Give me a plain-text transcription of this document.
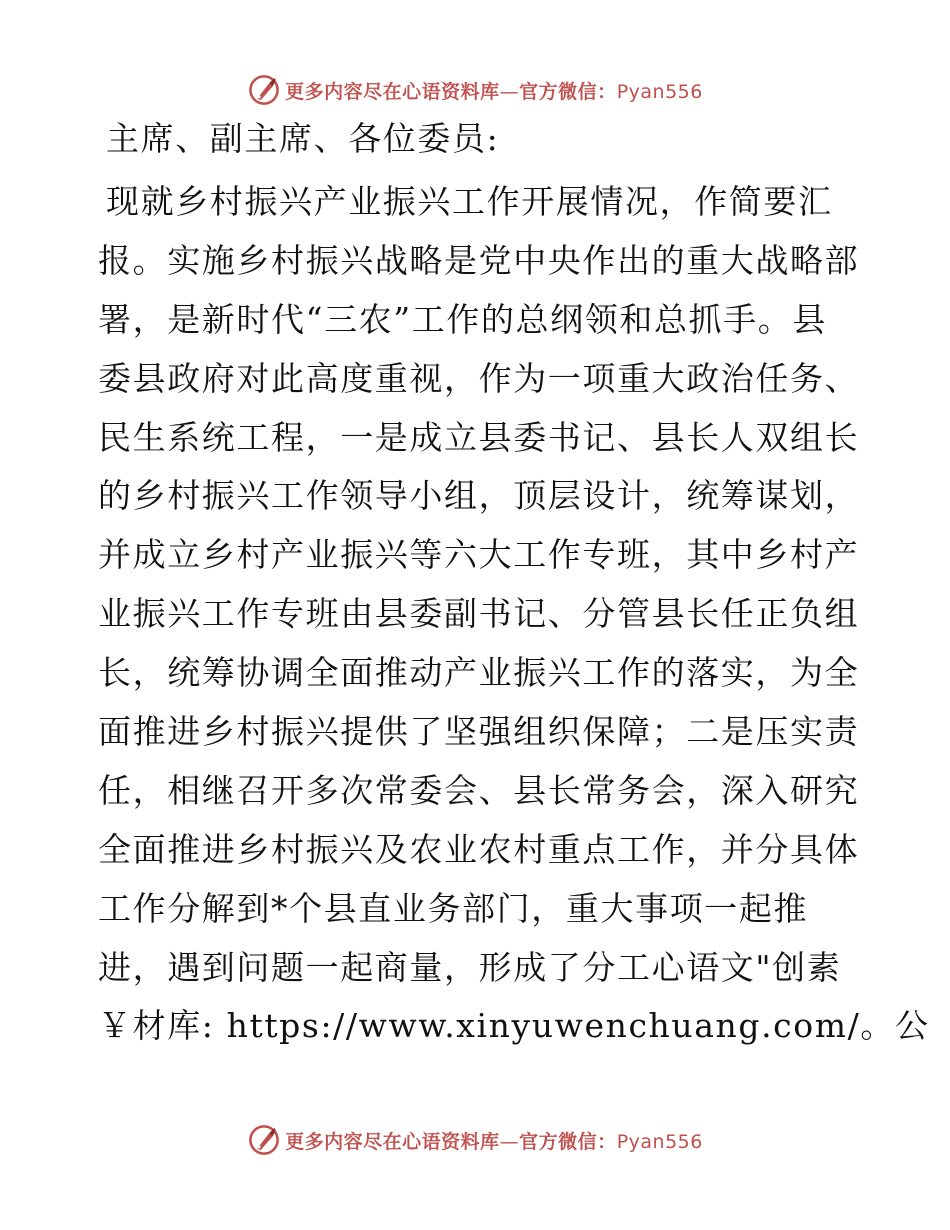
更多内容尽在心语资料库—官方微信：Pyan556
主席、副主席、各位委员:
现就乡村振兴产业振兴工作开展情况，作简要汇
报。实施乡村振兴战略是党中央作出的重大战略部
署，是新时代“三农”工作的总纲领和总抓手。县
委县政府对此高度重视，作为一项重大政治任务、
民生系统工程，一是成立县委书记、县长人双组长
的乡村振兴工作领导小组，顶层设计，统筹谋划，
并成立乡村产业振兴等六大工作专班，其中乡村产
业振兴工作专班由县委副书记、分管县长任正负组
长，统筹协调全面推动产业振兴工作的落实，为全
面推进乡村振兴提供了坚强组织保障；二是压实责
任，相继召开多次常委会、县长常务会，深入研究
全面推进乡村振兴及农业农村重点工作，并分具体
工作分解到*个县直业务部门，重大事项一起推
进，遇到问题一起商量，形成了分工心语文"创素
￥材库: https://www.xinyuwenchuang.com/。公
更多内容尽在心语资料库—官方微信：Pyan556
